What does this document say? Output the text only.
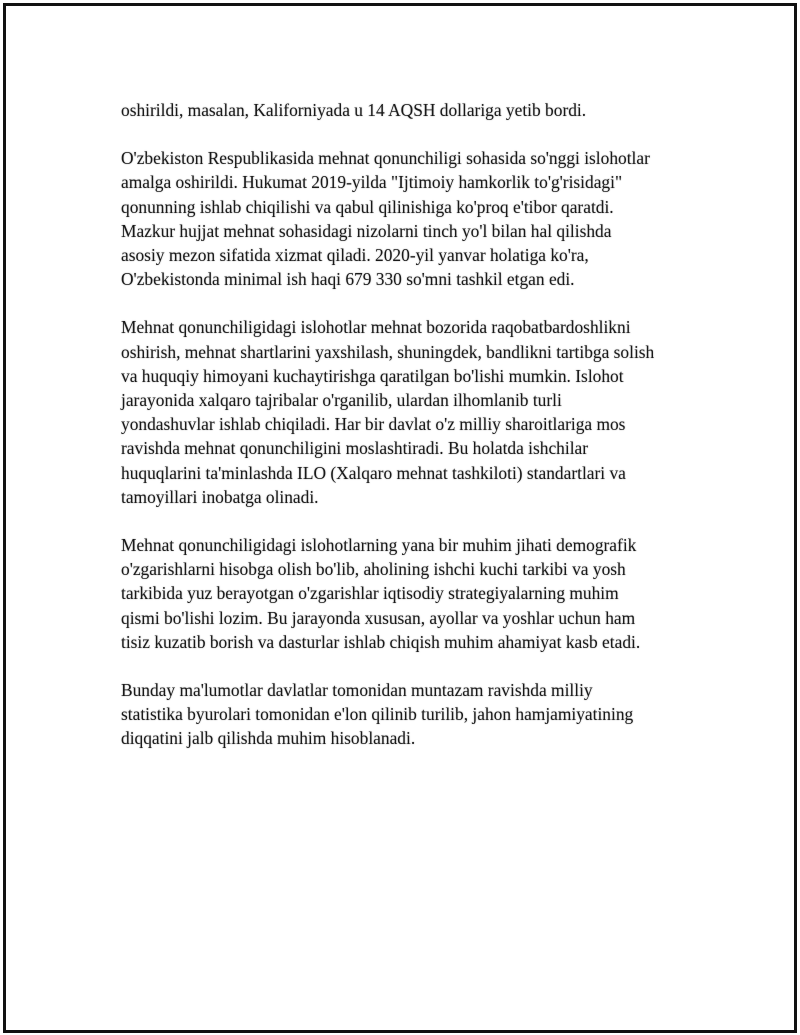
oshirildi, masalan, Kaliforniyada u 14 AQSH dollariga yetib bordi.

O'zbekiston Respublikasida mehnat qonunchiligi sohasida so'nggi islohotlar
amalga oshirildi. Hukumat 2019-yilda "Ijtimoiy hamkorlik to'g'risidagi"
qonunning ishlab chiqilishi va qabul qilinishiga ko'proq e'tibor qaratdi.
Mazkur hujjat mehnat sohasidagi nizolarni tinch yo'l bilan hal qilishda
asosiy mezon sifatida xizmat qiladi. 2020-yil yanvar holatiga ko'ra,
O'zbekistonda minimal ish haqi 679 330 so'mni tashkil etgan edi.

Mehnat qonunchiligidagi islohotlar mehnat bozorida raqobatbardoshlikni
oshirish, mehnat shartlarini yaxshilash, shuningdek, bandlikni tartibga solish
va huquqiy himoyani kuchaytirishga qaratilgan bo'lishi mumkin. Islohot
jarayonida xalqaro tajribalar o'rganilib, ulardan ilhomlanib turli
yondashuvlar ishlab chiqiladi. Har bir davlat o'z milliy sharoitlariga mos
ravishda mehnat qonunchiligini moslashtiradi. Bu holatda ishchilar
huquqlarini ta'minlashda ILO (Xalqaro mehnat tashkiloti) standartlari va
tamoyillari inobatga olinadi.

Mehnat qonunchiligidagi islohotlarning yana bir muhim jihati demografik
o'zgarishlarni hisobga olish bo'lib, aholining ishchi kuchi tarkibi va yosh
tarkibida yuz berayotgan o'zgarishlar iqtisodiy strategiyalarning muhim
qismi bo'lishi lozim. Bu jarayonda xususan, ayollar va yoshlar uchun ham
tisiz kuzatib borish va dasturlar ishlab chiqish muhim ahamiyat kasb etadi.

Bunday ma'lumotlar davlatlar tomonidan muntazam ravishda milliy
statistika byurolari tomonidan e'lon qilinib turilib, jahon hamjamiyatining
diqqatini jalb qilishda muhim hisoblanadi.
